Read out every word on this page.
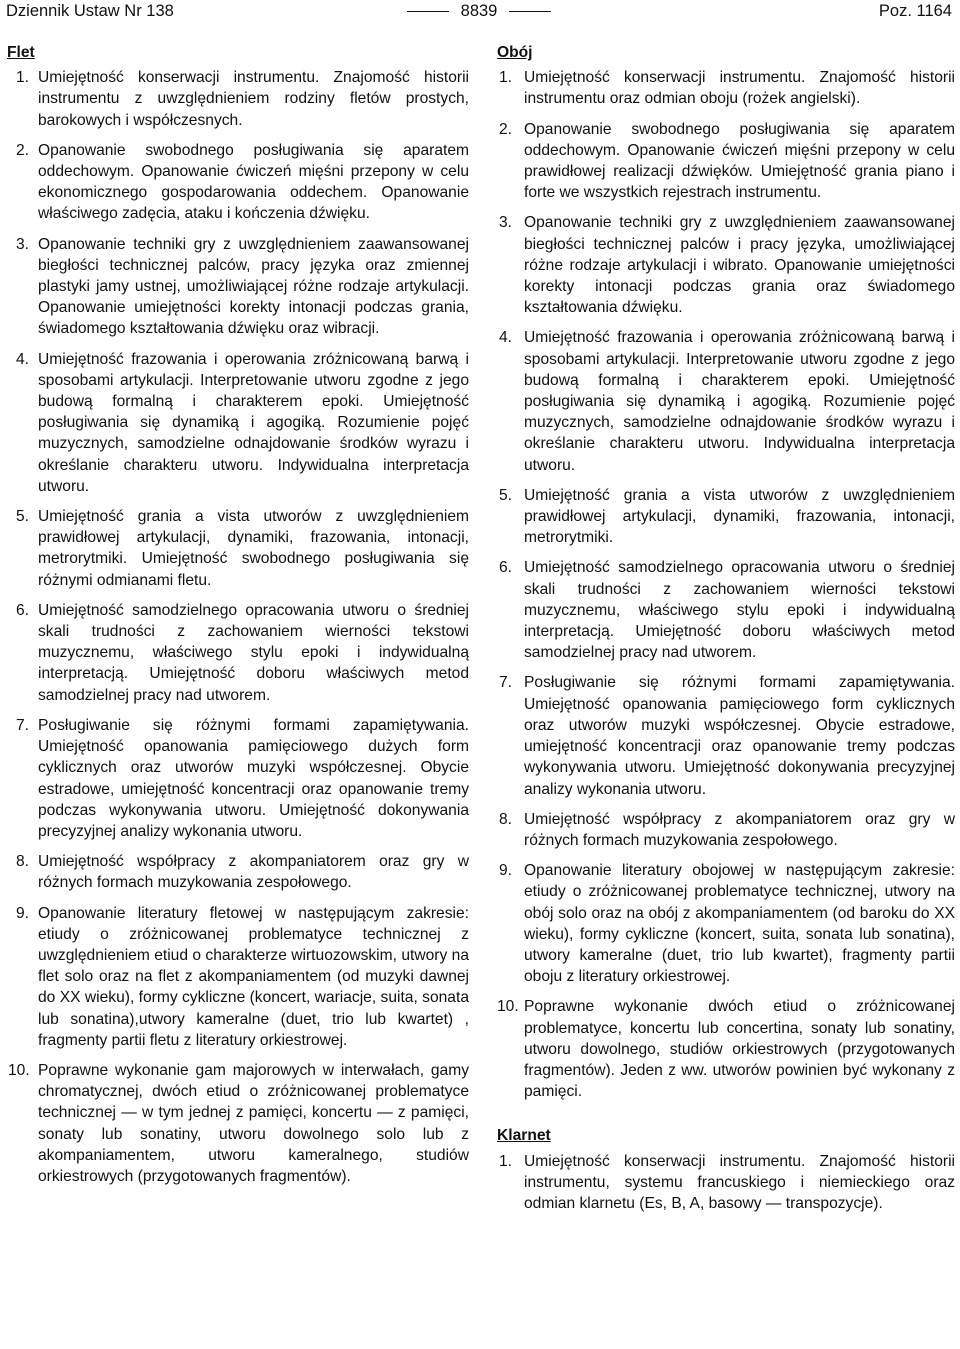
Dziennik Ustaw Nr 138	8839	Poz. 1164
Flet
1. Umiejętność konserwacji instrumentu. Znajomość historii instrumentu z uwzględnieniem rodziny fletów prostych, barokowych i współczesnych.
2. Opanowanie swobodnego posługiwania się aparatem oddechowym. Opanowanie ćwiczeń mięśni przepony w celu ekonomicznego gospodarowania oddechem. Opanowanie właściwego zadęcia, ataku i kończenia dźwięku.
3. Opanowanie techniki gry z uwzględnieniem zaawansowanej biegłości technicznej palców, pracy języka oraz zmiennej plastyki jamy ustnej, umożliwiającej różne rodzaje artykulacji. Opanowanie umiejętności korekty intonacji podczas grania, świadomego kształtowania dźwięku oraz wibracji.
4. Umiejętność frazowania i operowania zróżnicowaną barwą i sposobami artykulacji. Interpretowanie utworu zgodne z jego budową formalną i charakterem epoki. Umiejętność posługiwania się dynamiką i agogiką. Rozumienie pojęć muzycznych, samodzielne odnajdowanie środków wyrazu i określanie charakteru utworu. Indywidualna interpretacja utworu.
5. Umiejętność grania a vista utworów z uwzględnieniem prawidłowej artykulacji, dynamiki, frazowania, intonacji, metrorytmiki. Umiejętność swobodnego posługiwania się różnymi odmianami fletu.
6. Umiejętność samodzielnego opracowania utworu o średniej skali trudności z zachowaniem wierności tekstowi muzycznemu, właściwego stylu epoki i indywidualną interpretacją. Umiejętność doboru właściwych metod samodzielnej pracy nad utworem.
7. Posługiwanie się różnymi formami zapamiętywania. Umiejętność opanowania pamięciowego dużych form cyklicznych oraz utworów muzyki współczesnej. Obycie estradowe, umiejętność koncentracji oraz opanowanie tremy podczas wykonywania utworu. Umiejętność dokonywania precyzyjnej analizy wykonania utworu.
8. Umiejętność współpracy z akompaniatorem oraz gry w różnych formach muzykowania zespołowego.
9. Opanowanie literatury fletowej w następującym zakresie: etiudy o zróżnicowanej problematyce technicznej z uwzględnieniem etiud o charakterze wirtuozowskim, utwory na flet solo oraz na flet z akompaniamentem (od muzyki dawnej do XX wieku), formy cykliczne (koncert, wariacje, suita, sonata lub sonatina),utwory kameralne (duet, trio lub kwartet) , fragmenty partii fletu z literatury orkiestrowej.
10. Poprawne wykonanie gam majorowych w interwałach, gamy chromatycznej, dwóch etiud o zróżnicowanej problematyce technicznej — w tym jednej z pamięci, koncertu — z pamięci, sonaty lub sonatiny, utworu dowolnego solo lub z akompaniamentem, utworu kameralnego, studiów orkiestrowych (przygotowanych fragmentów).
Obój
1. Umiejętność konserwacji instrumentu. Znajomość historii instrumentu oraz odmian oboju (rożek angielski).
2. Opanowanie swobodnego posługiwania się aparatem oddechowym. Opanowanie ćwiczeń mięśni przepony w celu prawidłowej realizacji dźwięków. Umiejętność grania piano i forte we wszystkich rejestrach instrumentu.
3. Opanowanie techniki gry z uwzględnieniem zaawansowanej biegłości technicznej palców i pracy języka, umożliwiającej różne rodzaje artykulacji i wibrato. Opanowanie umiejętności korekty intonacji podczas grania oraz świadomego kształtowania dźwięku.
4. Umiejętność frazowania i operowania zróżnicowaną barwą i sposobami artykulacji. Interpretowanie utworu zgodne z jego budową formalną i charakterem epoki. Umiejętność posługiwania się dynamiką i agogiką. Rozumienie pojęć muzycznych, samodzielne odnajdowanie środków wyrazu i określanie charakteru utworu. Indywidualna interpretacja utworu.
5. Umiejętność grania a vista utworów z uwzględnieniem prawidłowej artykulacji, dynamiki, frazowania, intonacji, metrorytmiki.
6. Umiejętność samodzielnego opracowania utworu o średniej skali trudności z zachowaniem wierności tekstowi muzycznemu, właściwego stylu epoki i indywidualną interpretacją. Umiejętność doboru właściwych metod samodzielnej pracy nad utworem.
7. Posługiwanie się różnymi formami zapamiętywania. Umiejętność opanowania pamięciowego form cyklicznych oraz utworów muzyki współczesnej. Obycie estradowe, umiejętność koncentracji oraz opanowanie tremy podczas wykonywania utworu. Umiejętność dokonywania precyzyjnej analizy wykonania utworu.
8. Umiejętność współpracy z akompaniatorem oraz gry w różnych formach muzykowania zespołowego.
9. Opanowanie literatury obojowej w następującym zakresie: etiudy o zróżnicowanej problematyce technicznej, utwory na obój solo oraz na obój z akompaniamentem (od baroku do XX wieku), formy cykliczne (koncert, suita, sonata lub sonatina), utwory kameralne (duet, trio lub kwartet), fragmenty partii oboju z literatury orkiestrowej.
10. Poprawne wykonanie dwóch etiud o zróżnicowanej problematyce, koncertu lub concertina, sonaty lub sonatiny, utworu dowolnego, studiów orkiestrowych (przygotowanych fragmentów). Jeden z ww. utworów powinien być wykonany z pamięci.
Klarnet
1. Umiejętność konserwacji instrumentu. Znajomość historii instrumentu, systemu francuskiego i niemieckiego oraz odmian klarnetu (Es, B, A, basowy — transpozycje).
